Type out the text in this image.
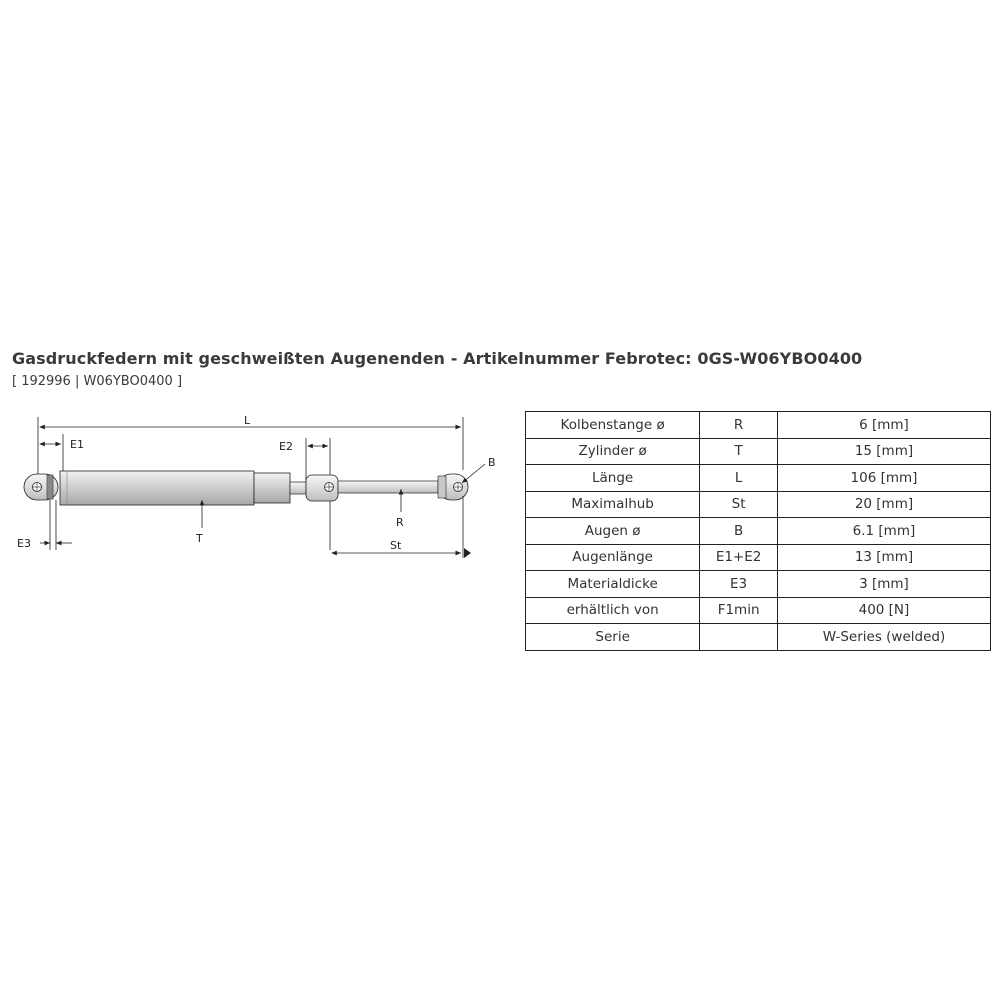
Gasdruckfedern mit geschweißten Augenenden - Artikelnummer Febrotec: 0GS-W06YBO0400
[ 192996 | W06YBO0400 ]
L
E1	E2
B
T
R
E3	St
Kolbenstange ø	R	6 [mm]
Zylinder ø	T	15 [mm]
Länge	L	106 [mm]
Maximalhub	St	20 [mm]
Augen ø	B	6.1 [mm]
Augenlänge	E1+E2	13 [mm]
Materialdicke	E3	3 [mm]
erhältlich von	F1min	400 [N]
Serie		W-Series (welded)
